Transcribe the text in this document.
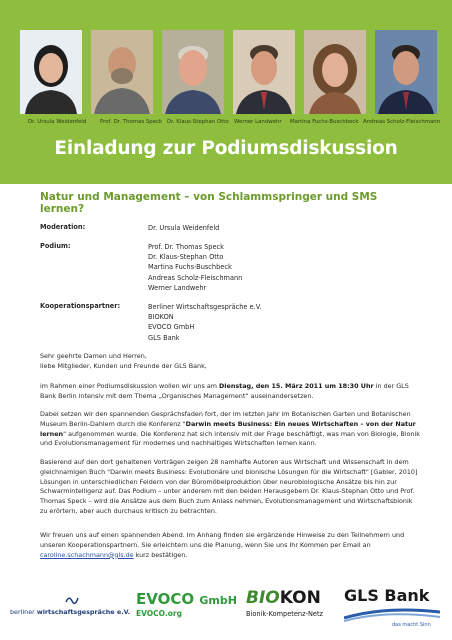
Dr. Ursula Weidenfeld	Prof. Dr. Thomas Speck Dr. Klaus-Stephan Otto Werner Landwehr Martina Fuchs-Buschbeck Andreas Scholz-Fleischmann
Einladung zur Podiumsdiskussion
Natur und Management – von Schlammspringer und SMS lernen?
Moderation:	Dr. Ursula Weidenfeld
Podium:	Prof. Dr. Thomas Speck
Dr. Klaus-Stephan Otto
Martina Fuchs-Buschbeck
Andreas Scholz-Fleischmann
Werner Landwehr
Kooperationspartner:	Berliner Wirtschaftsgespräche e.V.
BIOKON
EVOCO GmbH
GLS Bank
Sehr geehrte Damen und Herren,
liebe Mitglieder, Kunden und Freunde der GLS Bank,
im Rahmen einer Podiumsdiskussion wollen wir uns am Dienstag, den 15. März 2011 um 18:30 Uhr in der GLS Bank Berlin intensiv mit dem Thema „Organisches Management“ auseinandersetzen.
Dabei setzen wir den spannenden Gesprächsfaden fort, der im letzten Jahr im Botanischen Garten und Botanischen Museum Berlin-Dahlem durch die Konferenz "Darwin meets Business: Ein neues Wirtschaften – von der Natur lernen" aufgenommen wurde. Die Konferenz hat sich intensiv mit der Frage beschäftigt, was man von Biologie, Bionik und Evolutionsmanagement für modernes und nachhaltiges Wirtschaften lernen kann.
Basierend auf den dort gehaltenen Vorträgen zeigen 28 namhafte Autoren aus Wirtschaft und Wissenschaft in dem gleichnamigen Buch "Darwin meets Business: Evolutionäre und bionische Lösungen für die Wirtschaft" [Gabler, 2010] Lösungen in unterschiedlichen Feldern von der Büromöbelproduktion über neurobiologische Ansätze bis hin zur Schwarmintelligenz auf. Das Podium – unter anderem mit den beiden Herausgebern Dr. Klaus-Stephan Otto und Prof. Thomas Speck – wird die Ansätze aus dem Buch zum Anlass nehmen, Evolutionsmanagement und Wirtschaftsbionik zu erörtern, aber auch durchaus kritisch zu betrachten.
Wir freuen uns auf einen spannenden Abend. Im Anhang finden sie ergänzende Hinweise zu den Teilnehmern und unseren Kooperationspartnern. Sie erleichtern uns die Planung, wenn Sie uns Ihr Kommen per Email an
caroline.schachmann@gls.de kurz bestätigen.
berliner wirtschaftsgespräche e.V.
EVOCO GmbH
EVOCO.org
BIOKON
Bionik-Kompetenz-Netz
GLS Bank
das macht Sinn
